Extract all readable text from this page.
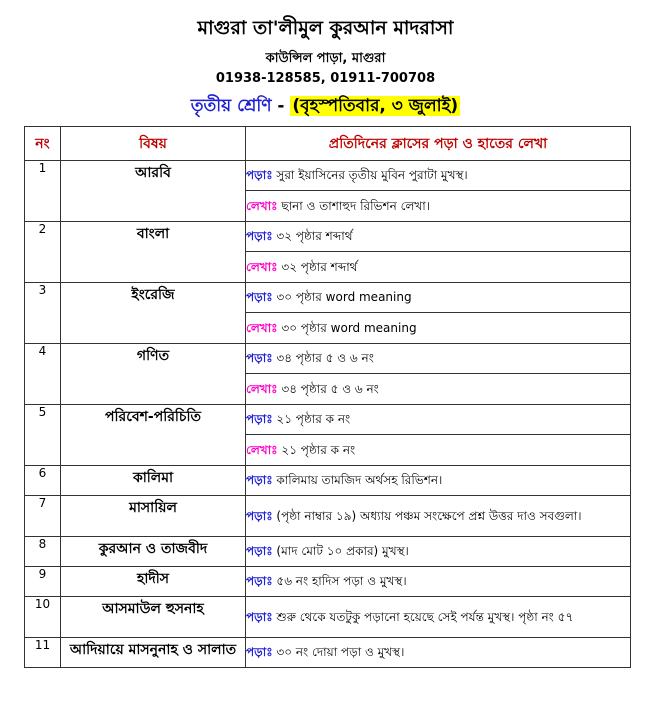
মাগুরা তা'লীমুল কুরআন মাদরাসা
কাউন্সিল পাড়া, মাগুরা
01938-128585, 01911-700708
তৃতীয় শ্রেণি - (বৃহস্পতিবার, ৩ জুলাই)
নং	বিষয়	প্রতিদিনের ক্লাসের পড়া ও হাতের লেখা
1	আরবি	পড়াঃ সুরা ইয়াসিনের তৃতীয় মুবিন পুরাটা মুখস্থ।
		লেখাঃ ছানা ও তাশাহুদ রিভিশন লেখা।
2	বাংলা	পড়াঃ ৩২ পৃষ্ঠার শব্দার্থ
		লেখাঃ ৩২ পৃষ্ঠার শব্দার্থ
3	ইংরেজি	পড়াঃ ৩০ পৃষ্ঠার word meaning
		লেখাঃ ৩০ পৃষ্ঠার word meaning
4	গণিত	পড়াঃ ৩৪ পৃষ্ঠার ৫ ও ৬ নং
		লেখাঃ ৩৪ পৃষ্ঠার ৫ ও ৬ নং
5	পরিবেশ-পরিচিতি	পড়াঃ ২১ পৃষ্ঠার ক নং
		লেখাঃ ২১ পৃষ্ঠার ক নং
6	কালিমা	পড়াঃ কালিমায় তামজিদ অর্থসহ রিভিশন।
7	মাসায়িল	পড়াঃ (পৃষ্ঠা নাম্বার ১৯) অধ্যায় পঞ্চম সংক্ষেপে প্রশ্ন উত্তর দাও সবগুলা।
8	কুরআন ও তাজবীদ	পড়াঃ (মাদ মোট ১০ প্রকার) মুখস্থ।
9	হাদীস	পড়াঃ ৫৬ নং হাদিস পড়া ও মুখস্থ।
10	আসমাউল হুসনাহ	পড়াঃ শুরু থেকে যতটুকু পড়ানো হয়েছে সেই পর্যন্ত মুখস্থ। পৃষ্ঠা নং ৫৭
11	আদিয়ায়ে মাসনুনাহ ও সালাত	পড়াঃ ৩০ নং দোয়া পড়া ও মুখস্থ।
